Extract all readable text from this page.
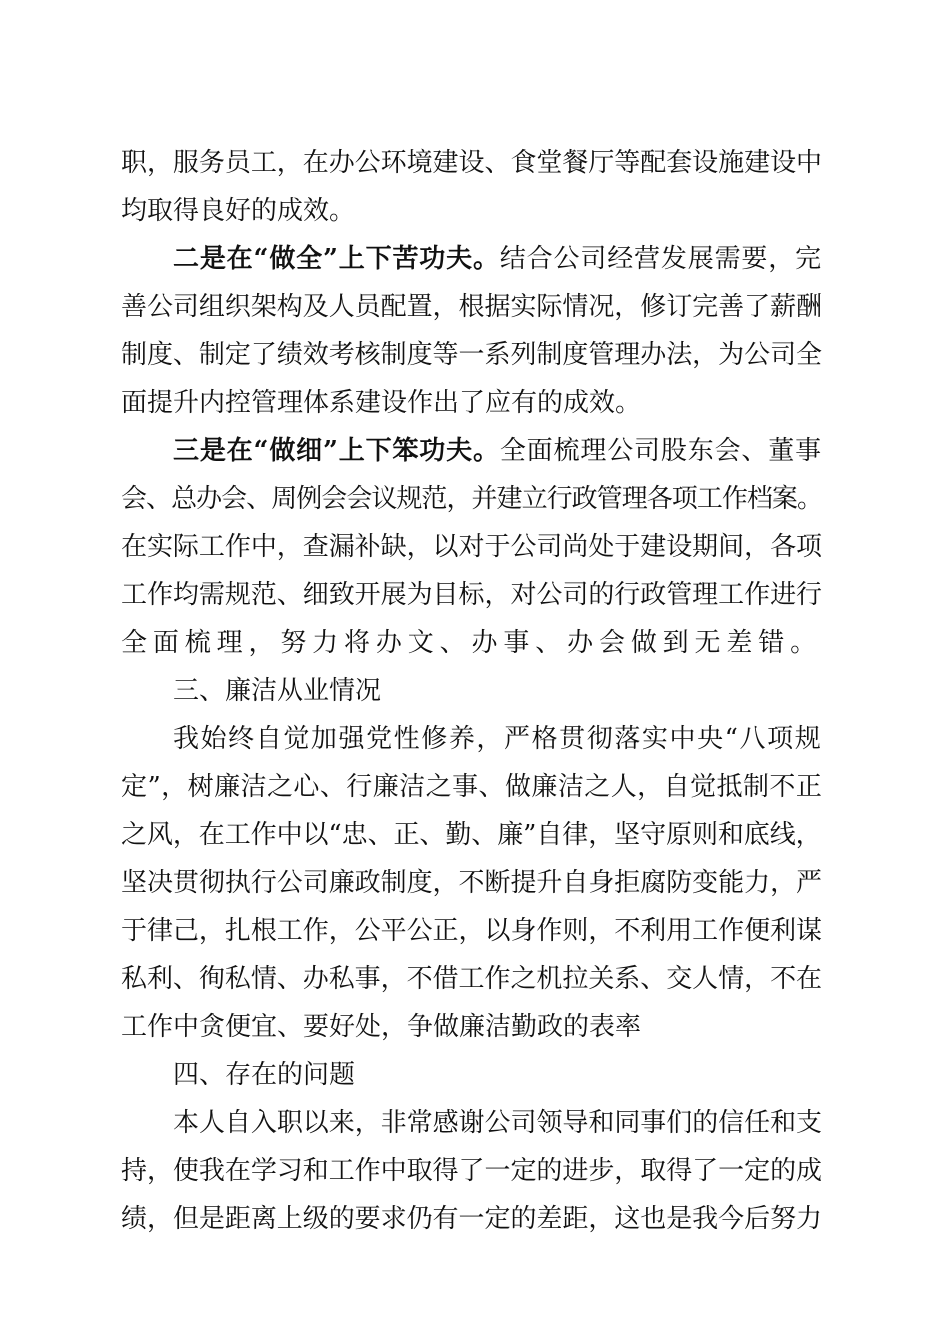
职，服务员工，在办公环境建设、食堂餐厅等配套设施建设中
均取得良好的成效。
二是在“做全”上下苦功夫。结合公司经营发展需要，完
善公司组织架构及人员配置，根据实际情况，修订完善了薪酬
制度、制定了绩效考核制度等一系列制度管理办法，为公司全
面提升内控管理体系建设作出了应有的成效。
三是在“做细”上下笨功夫。全面梳理公司股东会、董事
会、总办会、周例会会议规范，并建立行政管理各项工作档案。
在实际工作中，查漏补缺，以对于公司尚处于建设期间，各项
工作均需规范、细致开展为目标，对公司的行政管理工作进行
全面梳理，努力将办文、办事、办会做到无差错。
三、廉洁从业情况
我始终自觉加强党性修养，严格贯彻落实中央“八项规
定”，树廉洁之心、行廉洁之事、做廉洁之人，自觉抵制不正
之风，在工作中以“忠、正、勤、廉”自律，坚守原则和底线，
坚决贯彻执行公司廉政制度，不断提升自身拒腐防变能力，严
于律己，扎根工作，公平公正，以身作则，不利用工作便利谋
私利、徇私情、办私事，不借工作之机拉关系、交人情，不在
工作中贪便宜、要好处，争做廉洁勤政的表率
四、存在的问题
本人自入职以来，非常感谢公司领导和同事们的信任和支
持，使我在学习和工作中取得了一定的进步，取得了一定的成
绩，但是距离上级的要求仍有一定的差距，这也是我今后努力
